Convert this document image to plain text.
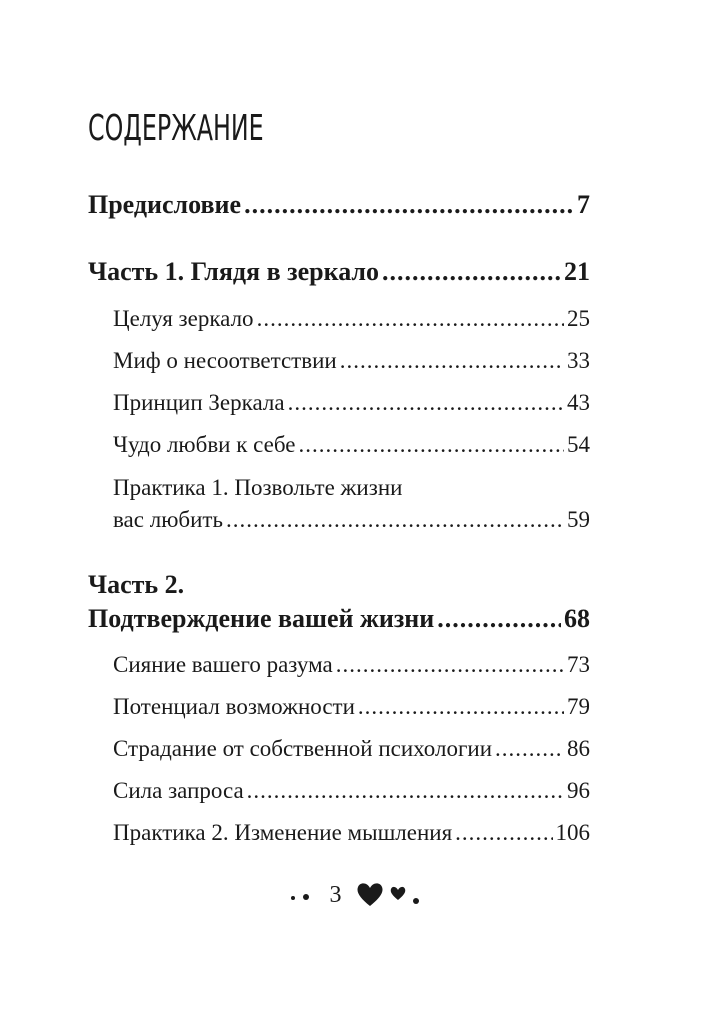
СОДЕРЖАНИЕ
Предисловие .....	7
Часть 1. Глядя в зеркало .....	21
Целуя зеркало .....	25
Миф о несоответствии .....	33
Принцип Зеркала .....	43
Чудо любви к себе .....	54
Практика 1. Позвольте жизни
вас любить .....	59
Часть 2.
Подтверждение вашей жизни .....	68
Сияние вашего разума .....	73
Потенциал возможности .....	79
Страдание от собственной психологии .....	86
Сила запроса .....	96
Практика 2. Изменение мышления .....	106
3
